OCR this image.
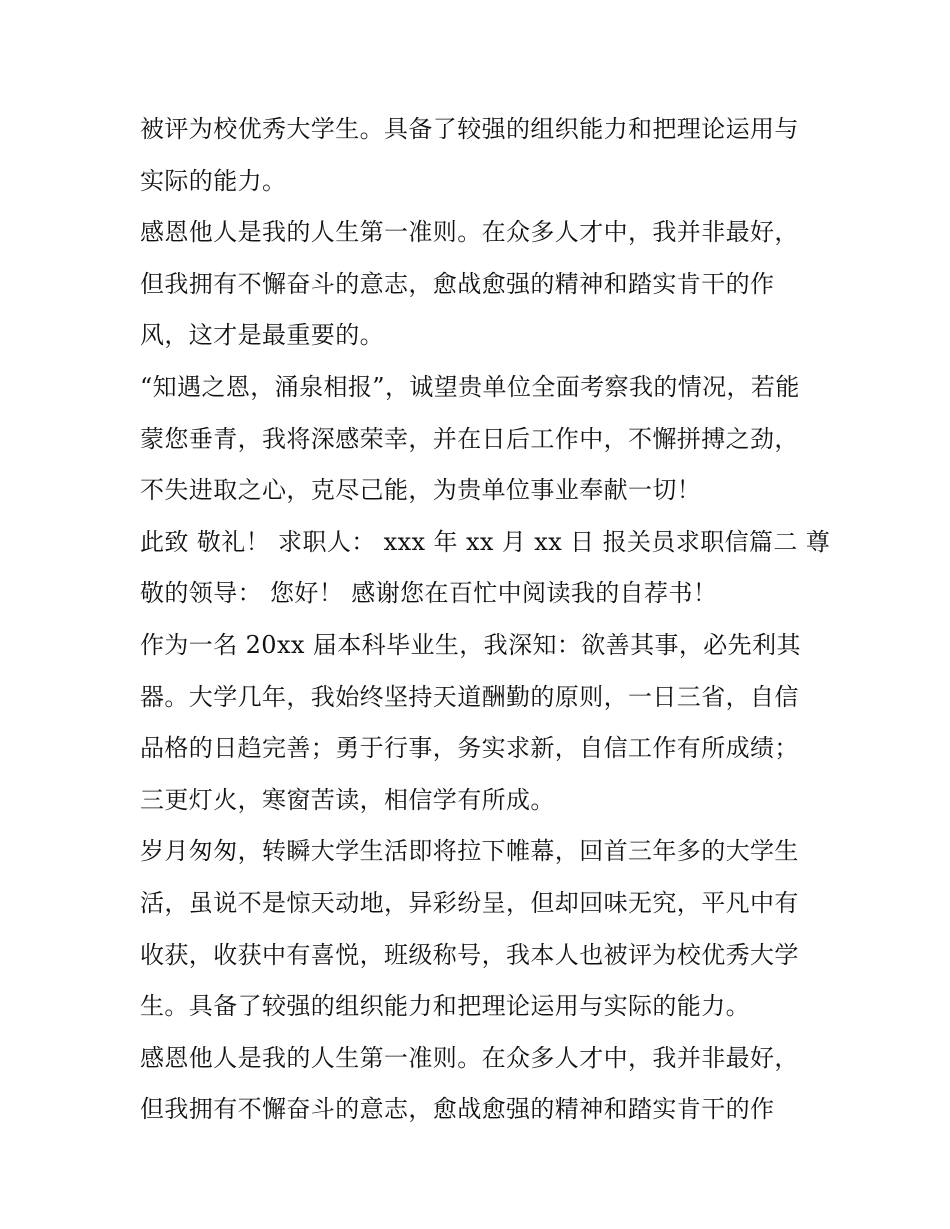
被评为校优秀大学生。具备了较强的组织能力和把理论运用与
实际的能力。
感恩他人是我的人生第一准则。在众多人才中，我并非最好，
但我拥有不懈奋斗的意志，愈战愈强的精神和踏实肯干的作
风，这才是最重要的。
“知遇之恩，涌泉相报”，诚望贵单位全面考察我的情况，若能
蒙您垂青，我将深感荣幸，并在日后工作中，不懈拼搏之劲，
不失进取之心，克尽己能，为贵单位事业奉献一切！
此致 敬礼！ 求职人： xxx 年 xx 月 xx 日 报关员求职信篇二 尊
敬的领导： 您好！ 感谢您在百忙中阅读我的自荐书！
作为一名 20xx 届本科毕业生，我深知：欲善其事，必先利其
器。大学几年，我始终坚持天道酬勤的原则，一日三省，自信
品格的日趋完善；勇于行事，务实求新，自信工作有所成绩；
三更灯火，寒窗苦读，相信学有所成。
岁月匆匆，转瞬大学生活即将拉下帷幕，回首三年多的大学生
活，虽说不是惊天动地，异彩纷呈，但却回味无究，平凡中有
收获，收获中有喜悦，班级称号，我本人也被评为校优秀大学
生。具备了较强的组织能力和把理论运用与实际的能力。
感恩他人是我的人生第一准则。在众多人才中，我并非最好，
但我拥有不懈奋斗的意志，愈战愈强的精神和踏实肯干的作
